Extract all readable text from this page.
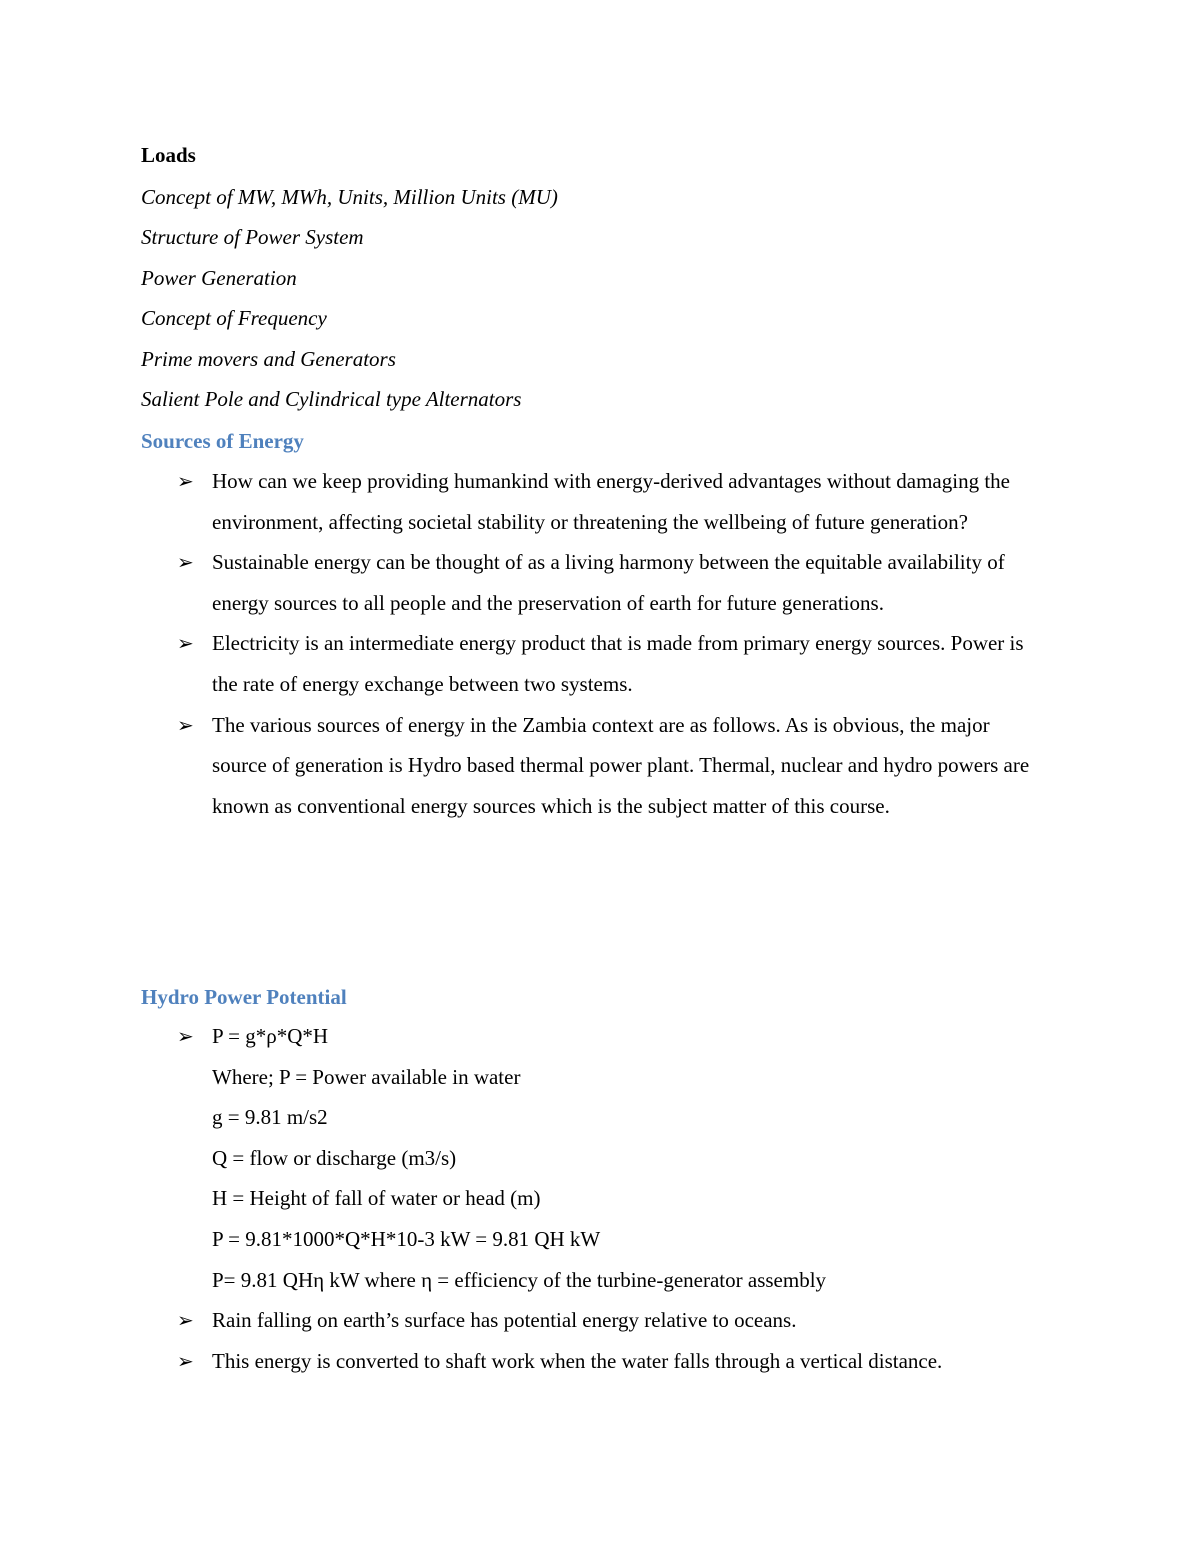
Loads
Concept of MW, MWh, Units, Million Units (MU)
Structure of Power System
Power Generation
Concept of Frequency
Prime movers and Generators
Salient Pole and Cylindrical type Alternators
Sources of Energy
➢ How can we keep providing humankind with energy-derived advantages without damaging the environment, affecting societal stability or threatening the wellbeing of future generation?
➢ Sustainable energy can be thought of as a living harmony between the equitable availability of energy sources to all people and the preservation of earth for future generations.
➢ Electricity is an intermediate energy product that is made from primary energy sources. Power is the rate of energy exchange between two systems.
➢ The various sources of energy in the Zambia context are as follows. As is obvious, the major source of generation is Hydro based thermal power plant. Thermal, nuclear and hydro powers are known as conventional energy sources which is the subject matter of this course.
Hydro Power Potential
➢ P = g*ρ*Q*H
Where; P = Power available in water
g = 9.81 m/s2
Q = flow or discharge (m3/s)
H = Height of fall of water or head (m)
P = 9.81*1000*Q*H*10-3 kW = 9.81 QH kW
P= 9.81 QHη kW where η = efficiency of the turbine-generator assembly
➢ Rain falling on earth’s surface has potential energy relative to oceans.
➢ This energy is converted to shaft work when the water falls through a vertical distance.
